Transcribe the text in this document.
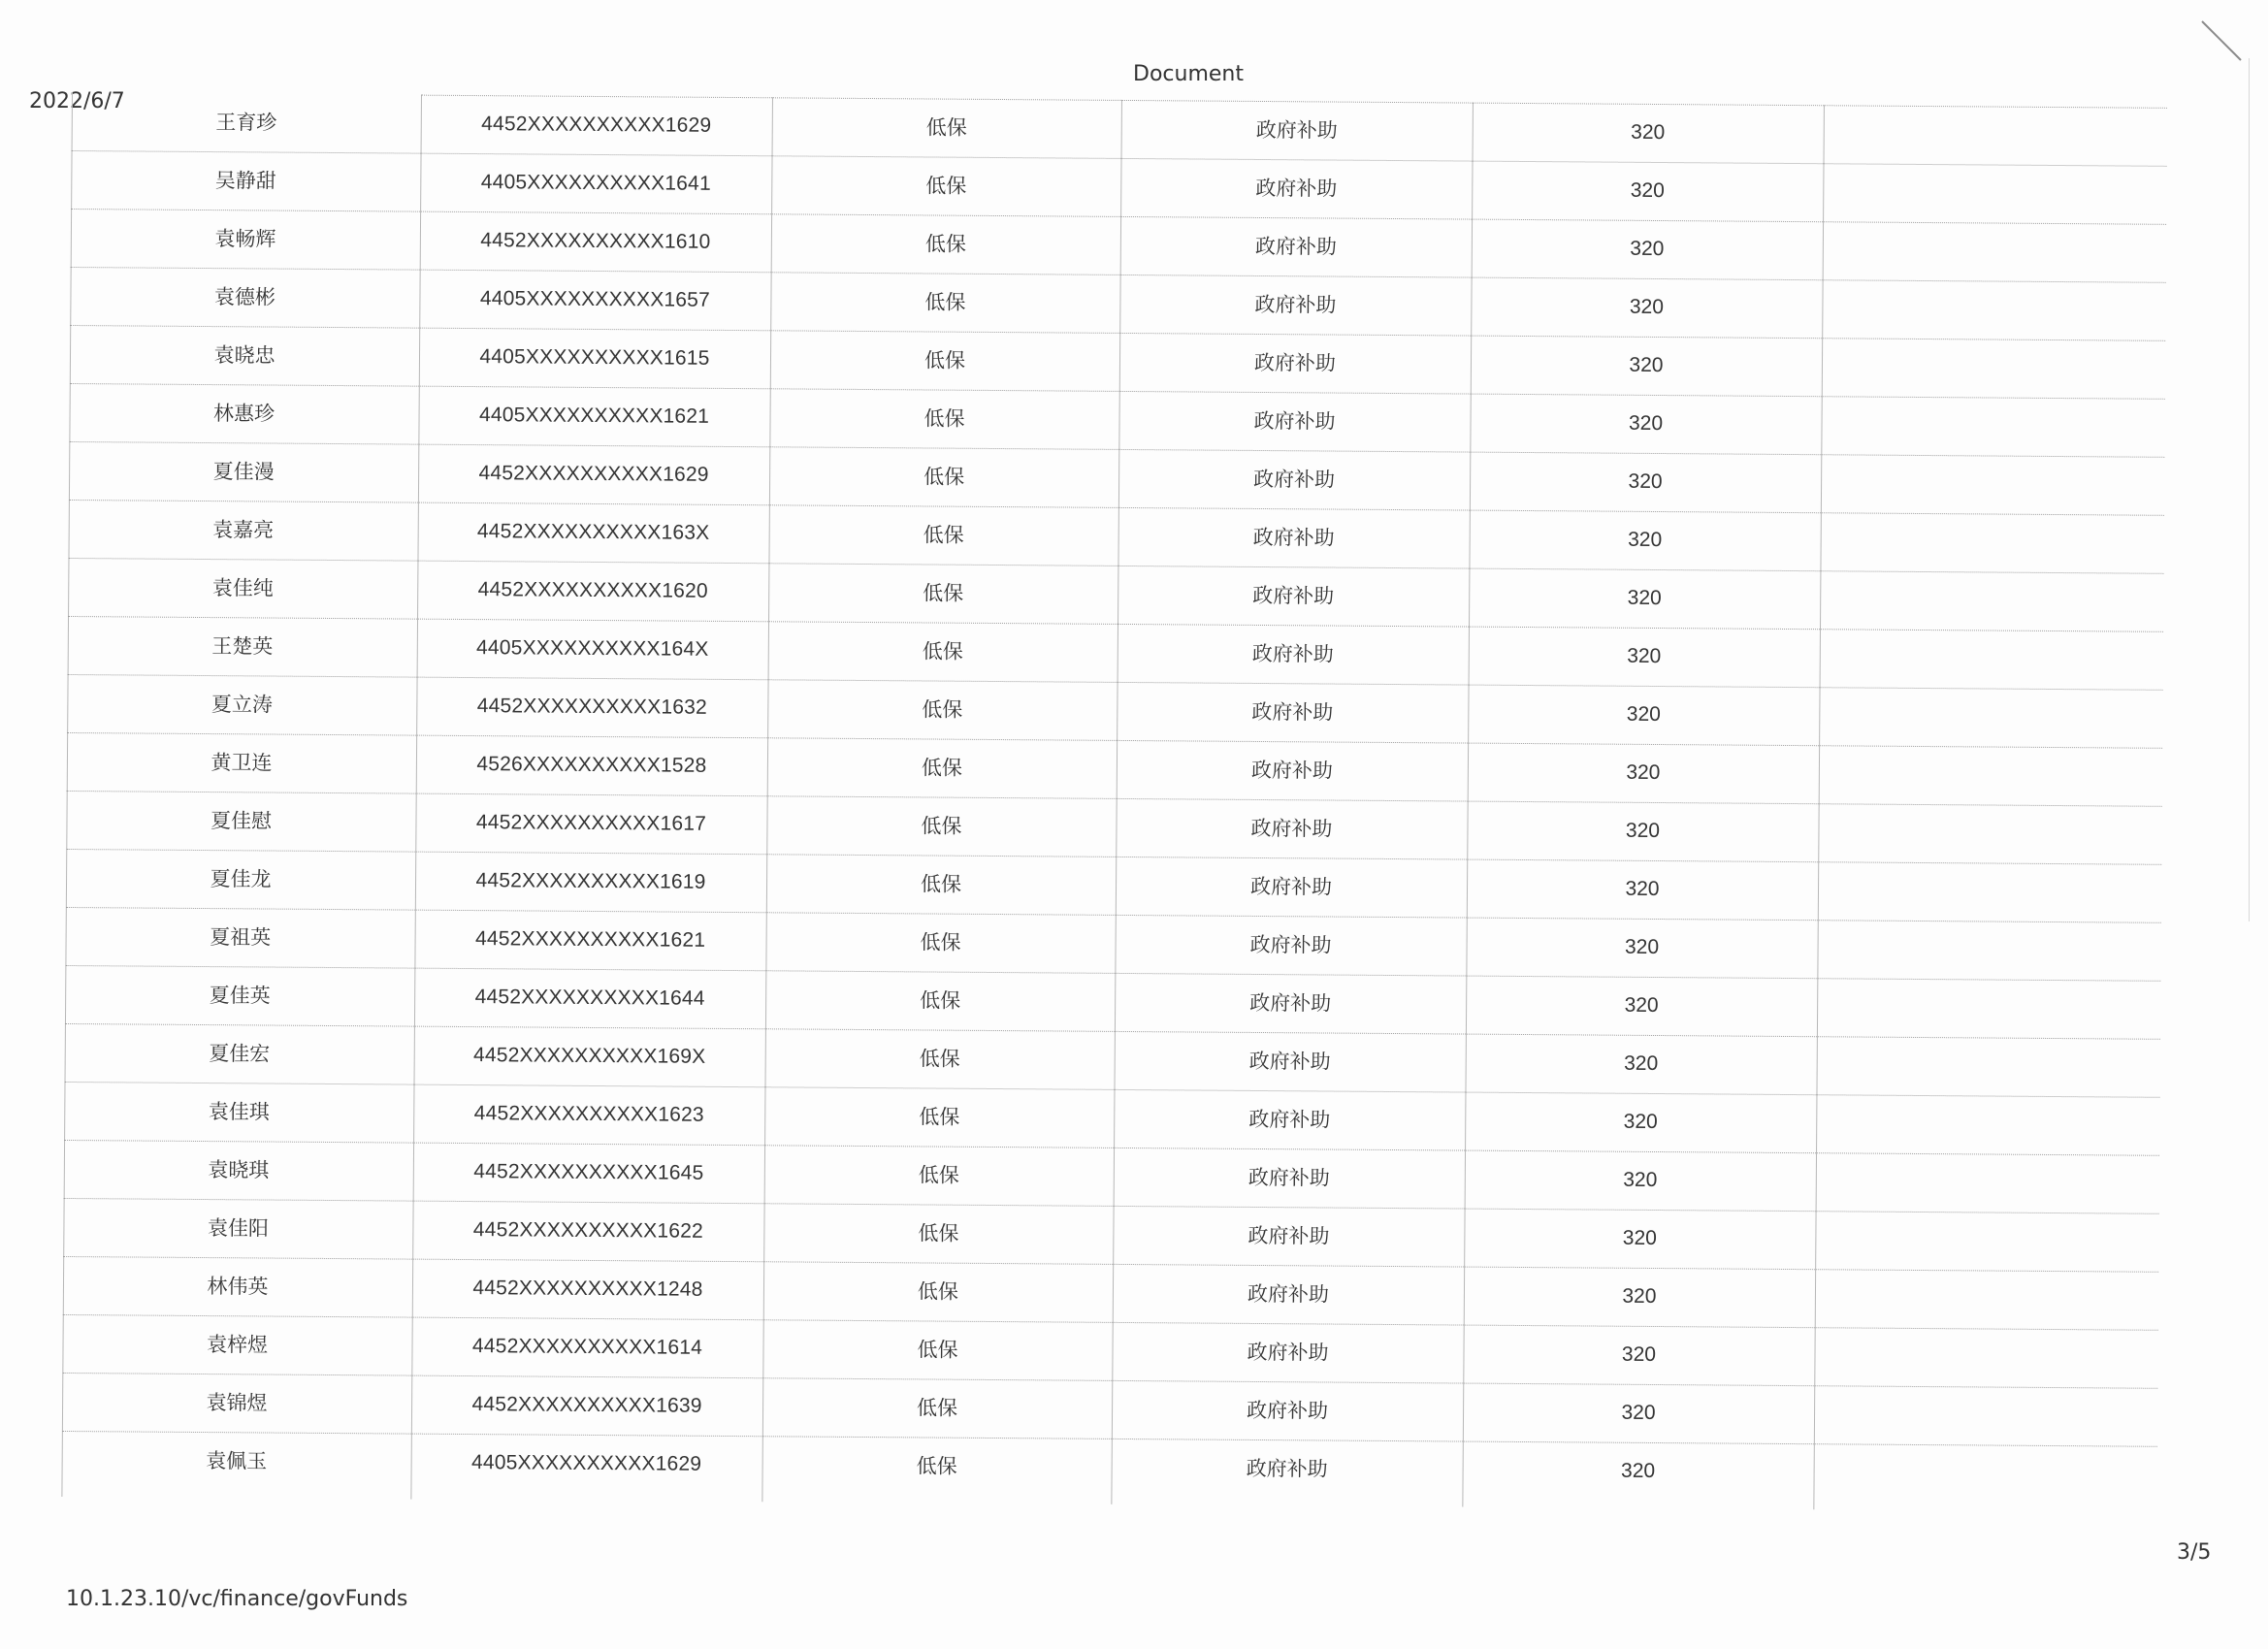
2022/6/7
Document
王育珍	4452XXXXXXXXXX1629	低保	政府补助	320
吴静甜	4405XXXXXXXXXX1641	低保	政府补助	320
袁畅辉	4452XXXXXXXXXX1610	低保	政府补助	320
袁德彬	4405XXXXXXXXXX1657	低保	政府补助	320
袁晓忠	4405XXXXXXXXXX1615	低保	政府补助	320
林惠珍	4405XXXXXXXXXX1621	低保	政府补助	320
夏佳漫	4452XXXXXXXXXX1629	低保	政府补助	320
袁嘉亮	4452XXXXXXXXXX163X	低保	政府补助	320
袁佳纯	4452XXXXXXXXXX1620	低保	政府补助	320
王楚英	4405XXXXXXXXXX164X	低保	政府补助	320
夏立涛	4452XXXXXXXXXX1632	低保	政府补助	320
黄卫连	4526XXXXXXXXXX1528	低保	政府补助	320
夏佳慰	4452XXXXXXXXXX1617	低保	政府补助	320
夏佳龙	4452XXXXXXXXXX1619	低保	政府补助	320
夏祖英	4452XXXXXXXXXX1621	低保	政府补助	320
夏佳英	4452XXXXXXXXXX1644	低保	政府补助	320
夏佳宏	4452XXXXXXXXXX169X	低保	政府补助	320
袁佳琪	4452XXXXXXXXXX1623	低保	政府补助	320
袁晓琪	4452XXXXXXXXXX1645	低保	政府补助	320
袁佳阳	4452XXXXXXXXXX1622	低保	政府补助	320
林伟英	4452XXXXXXXXXX1248	低保	政府补助	320
袁梓煜	4452XXXXXXXXXX1614	低保	政府补助	320
袁锦煜	4452XXXXXXXXXX1639	低保	政府补助	320
袁佩玉	4405XXXXXXXXXX1629	低保	政府补助	320
3/5
10.1.23.10/vc/finance/govFunds
